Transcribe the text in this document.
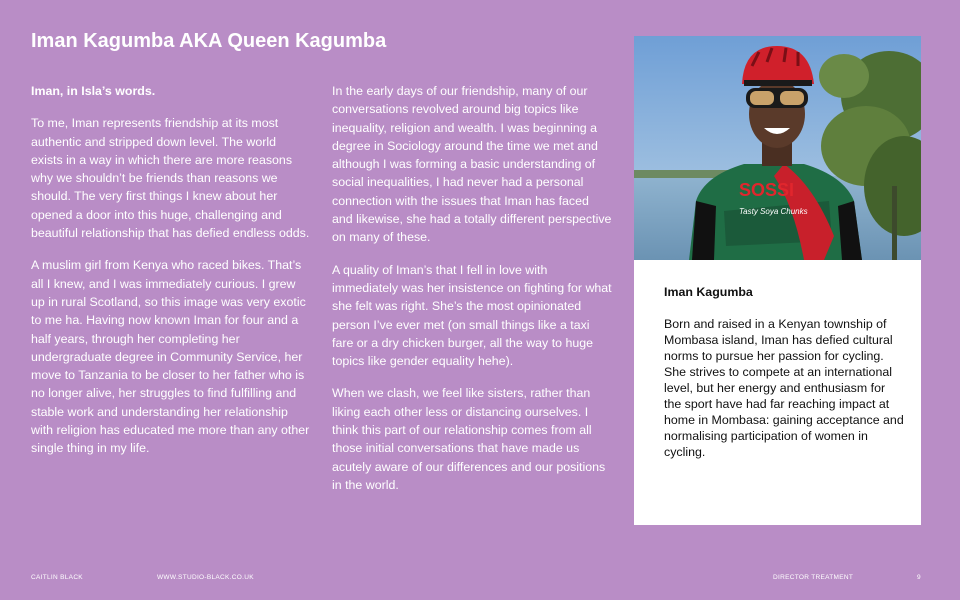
Iman Kagumba AKA Queen Kagumba

Iman, in Isla’s words.

To me, Iman represents friendship at its most authentic and stripped down level. The world exists in a way in which there are more reasons why we shouldn’t be friends than reasons we should. The very first things I knew about her opened a door into this huge, challenging and beautiful relationship that has defied endless odds.

A muslim girl from Kenya who raced bikes. That’s all I knew, and I was immediately curious. I grew up in rural Scotland, so this image was very exotic to me ha. Having now known Iman for four and a half years, through her completing her undergraduate degree in Community Service, her move to Tanzania to be closer to her father who is no longer alive, her struggles to find fulfilling and stable work and understanding her relationship with religion has educated me more than any other single thing in my life.

In the early days of our friendship, many of our conversations revolved around big topics like inequality, religion and wealth. I was beginning a degree in Sociology around the time we met and although I was forming a basic understanding of social inequalities, I had never had a personal connection with the issues that Iman has faced and likewise, she had a totally different perspective on many of these.

A quality of Iman’s that I fell in love with immediately was her insistence on fighting for what she felt was right. She’s the most opinionated person I’ve ever met (on small things like a taxi fare or a dry chicken burger, all the way to huge topics like gender equality hehe).

When we clash, we feel like sisters, rather than liking each other less or distancing ourselves. I think this part of our relationship comes from all those initial conversations that have made us acutely aware of our differences and our positions in the world.

SOSSI
Tasty Soya Chunks

Iman Kagumba

Born and raised in a Kenyan township of Mombasa island, Iman has defied cultural norms to pursue her passion for cycling. She strives to compete at an international level, but her energy and enthusiasm for the sport have had far reaching impact at home in Mombasa: gaining acceptance and normalising participation of women in cycling.

CAITLIN BLACK	WWW.STUDIO-BLACK.CO.UK	DIRECTOR TREATMENT	9
